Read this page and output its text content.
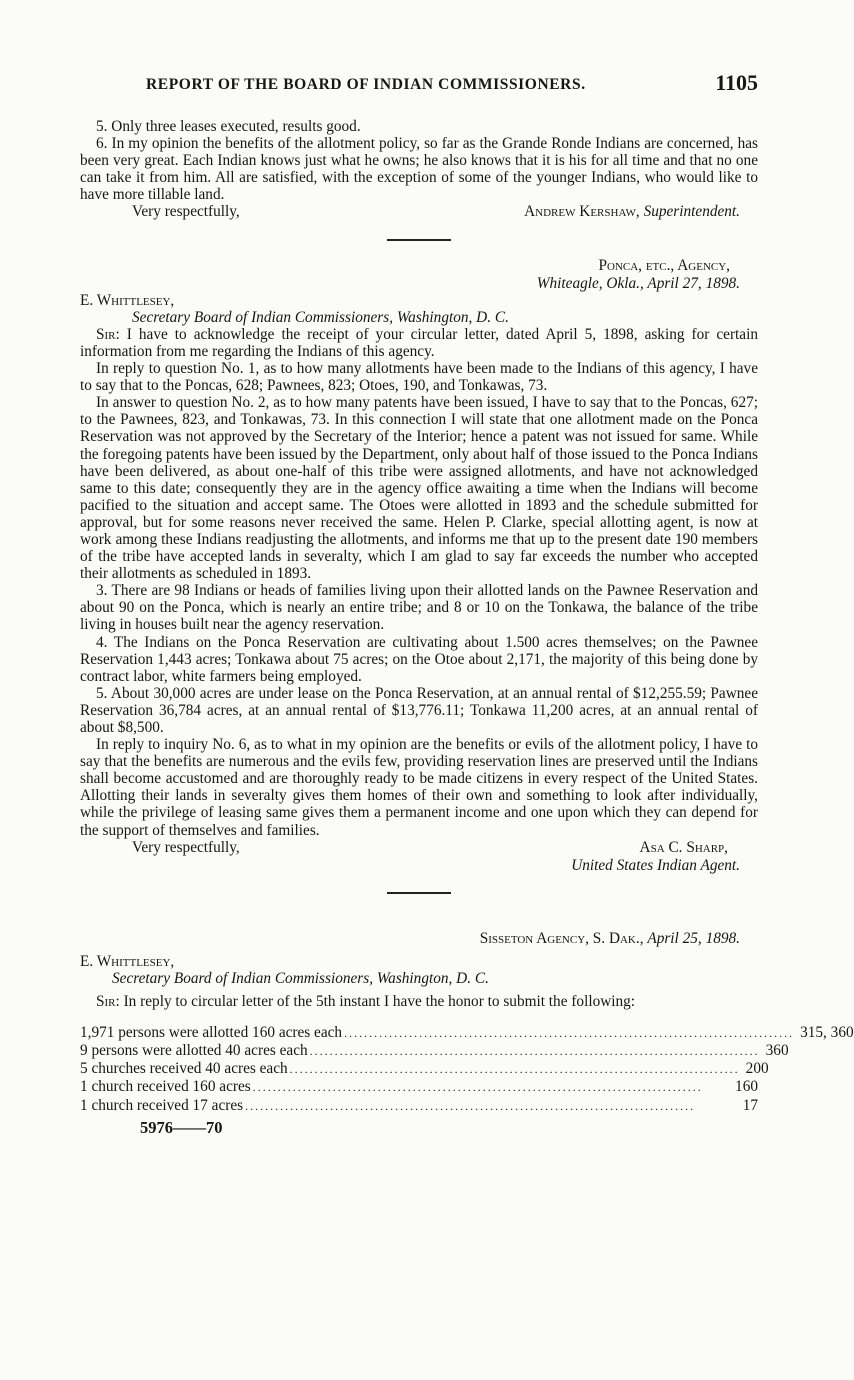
REPORT OF THE BOARD OF INDIAN COMMISSIONERS.	1105

5. Only three leases executed, results good.

6. In my opinion the benefits of the allotment policy, so far as the Grande Ronde Indians are concerned, has been very great. Each Indian knows just what he owns; he also knows that it is his for all time and that no one can take it from him. All are satisfied, with the exception of some of the younger Indians, who would like to have more tillable land.

Very respectfully,	Andrew Kershaw, Superintendent.
Ponca, etc., Agency,
Whiteagle, Okla., April 27, 1898.
E. Whittlesey,
Secretary Board of Indian Commissioners, Washington, D. C.

Sir: I have to acknowledge the receipt of your circular letter, dated April 5, 1898, asking for certain information from me regarding the Indians of this agency.

In reply to question No. 1, as to how many allotments have been made to the Indians of this agency, I have to say that to the Poncas, 628; Pawnees, 823; Otoes, 190, and Tonkawas, 73.

In answer to question No. 2, as to how many patents have been issued, I have to say that to the Poncas, 627; to the Pawnees, 823, and Tonkawas, 73. In this connection I will state that one allotment made on the Ponca Reservation was not approved by the Secretary of the Interior; hence a patent was not issued for same. While the foregoing patents have been issued by the Department, only about half of those issued to the Ponca Indians have been delivered, as about one-half of this tribe were assigned allotments, and have not acknowledged same to this date; consequently they are in the agency office awaiting a time when the Indians will become pacified to the situation and accept same. The Otoes were allotted in 1893 and the schedule submitted for approval, but for some reasons never received the same. Helen P. Clarke, special allotting agent, is now at work among these Indians readjusting the allotments, and informs me that up to the present date 190 members of the tribe have accepted lands in severalty, which I am glad to say far exceeds the number who accepted their allotments as scheduled in 1893.

3. There are 98 Indians or heads of families living upon their allotted lands on the Pawnee Reservation and about 90 on the Ponca, which is nearly an entire tribe; and 8 or 10 on the Tonkawa, the balance of the tribe living in houses built near the agency reservation.

4. The Indians on the Ponca Reservation are cultivating about 1.500 acres themselves; on the Pawnee Reservation 1,443 acres; Tonkawa about 75 acres; on the Otoe about 2,171, the majority of this being done by contract labor, white farmers being employed.

5. About 30,000 acres are under lease on the Ponca Reservation, at an annual rental of $12,255.59; Pawnee Reservation 36,784 acres, at an annual rental of $13,776.11; Tonkawa 11,200 acres, at an annual rental of about $8,500.

In reply to inquiry No. 6, as to what in my opinion are the benefits or evils of the allotment policy, I have to say that the benefits are numerous and the evils few, providing reservation lines are preserved until the Indians shall become accustomed and are thoroughly ready to be made citizens in every respect of the United States. Allotting their lands in severalty gives them homes of their own and something to look after individually, while the privilege of leasing same gives them a permanent income and one upon which they can depend for the support of themselves and families.

Very respectfully,	Asa C. Sharp,
United States Indian Agent.
Sisseton Agency, S. Dak., April 25, 1898.
E. Whittlesey,
Secretary Board of Indian Commissioners, Washington, D. C.

Sir: In reply to circular letter of the 5th instant I have the honor to submit the following:

1,971 persons were allotted 160 acres each .......................................................................................... 315, 360
9 persons were allotted 40 acres each .......................................................................................... 360
5 churches received 40 acres each .......................................................................................... 200
1 church received 160 acres ..........................................................................................	160
1 church received 17 acres ..........................................................................................	17
5976——70
